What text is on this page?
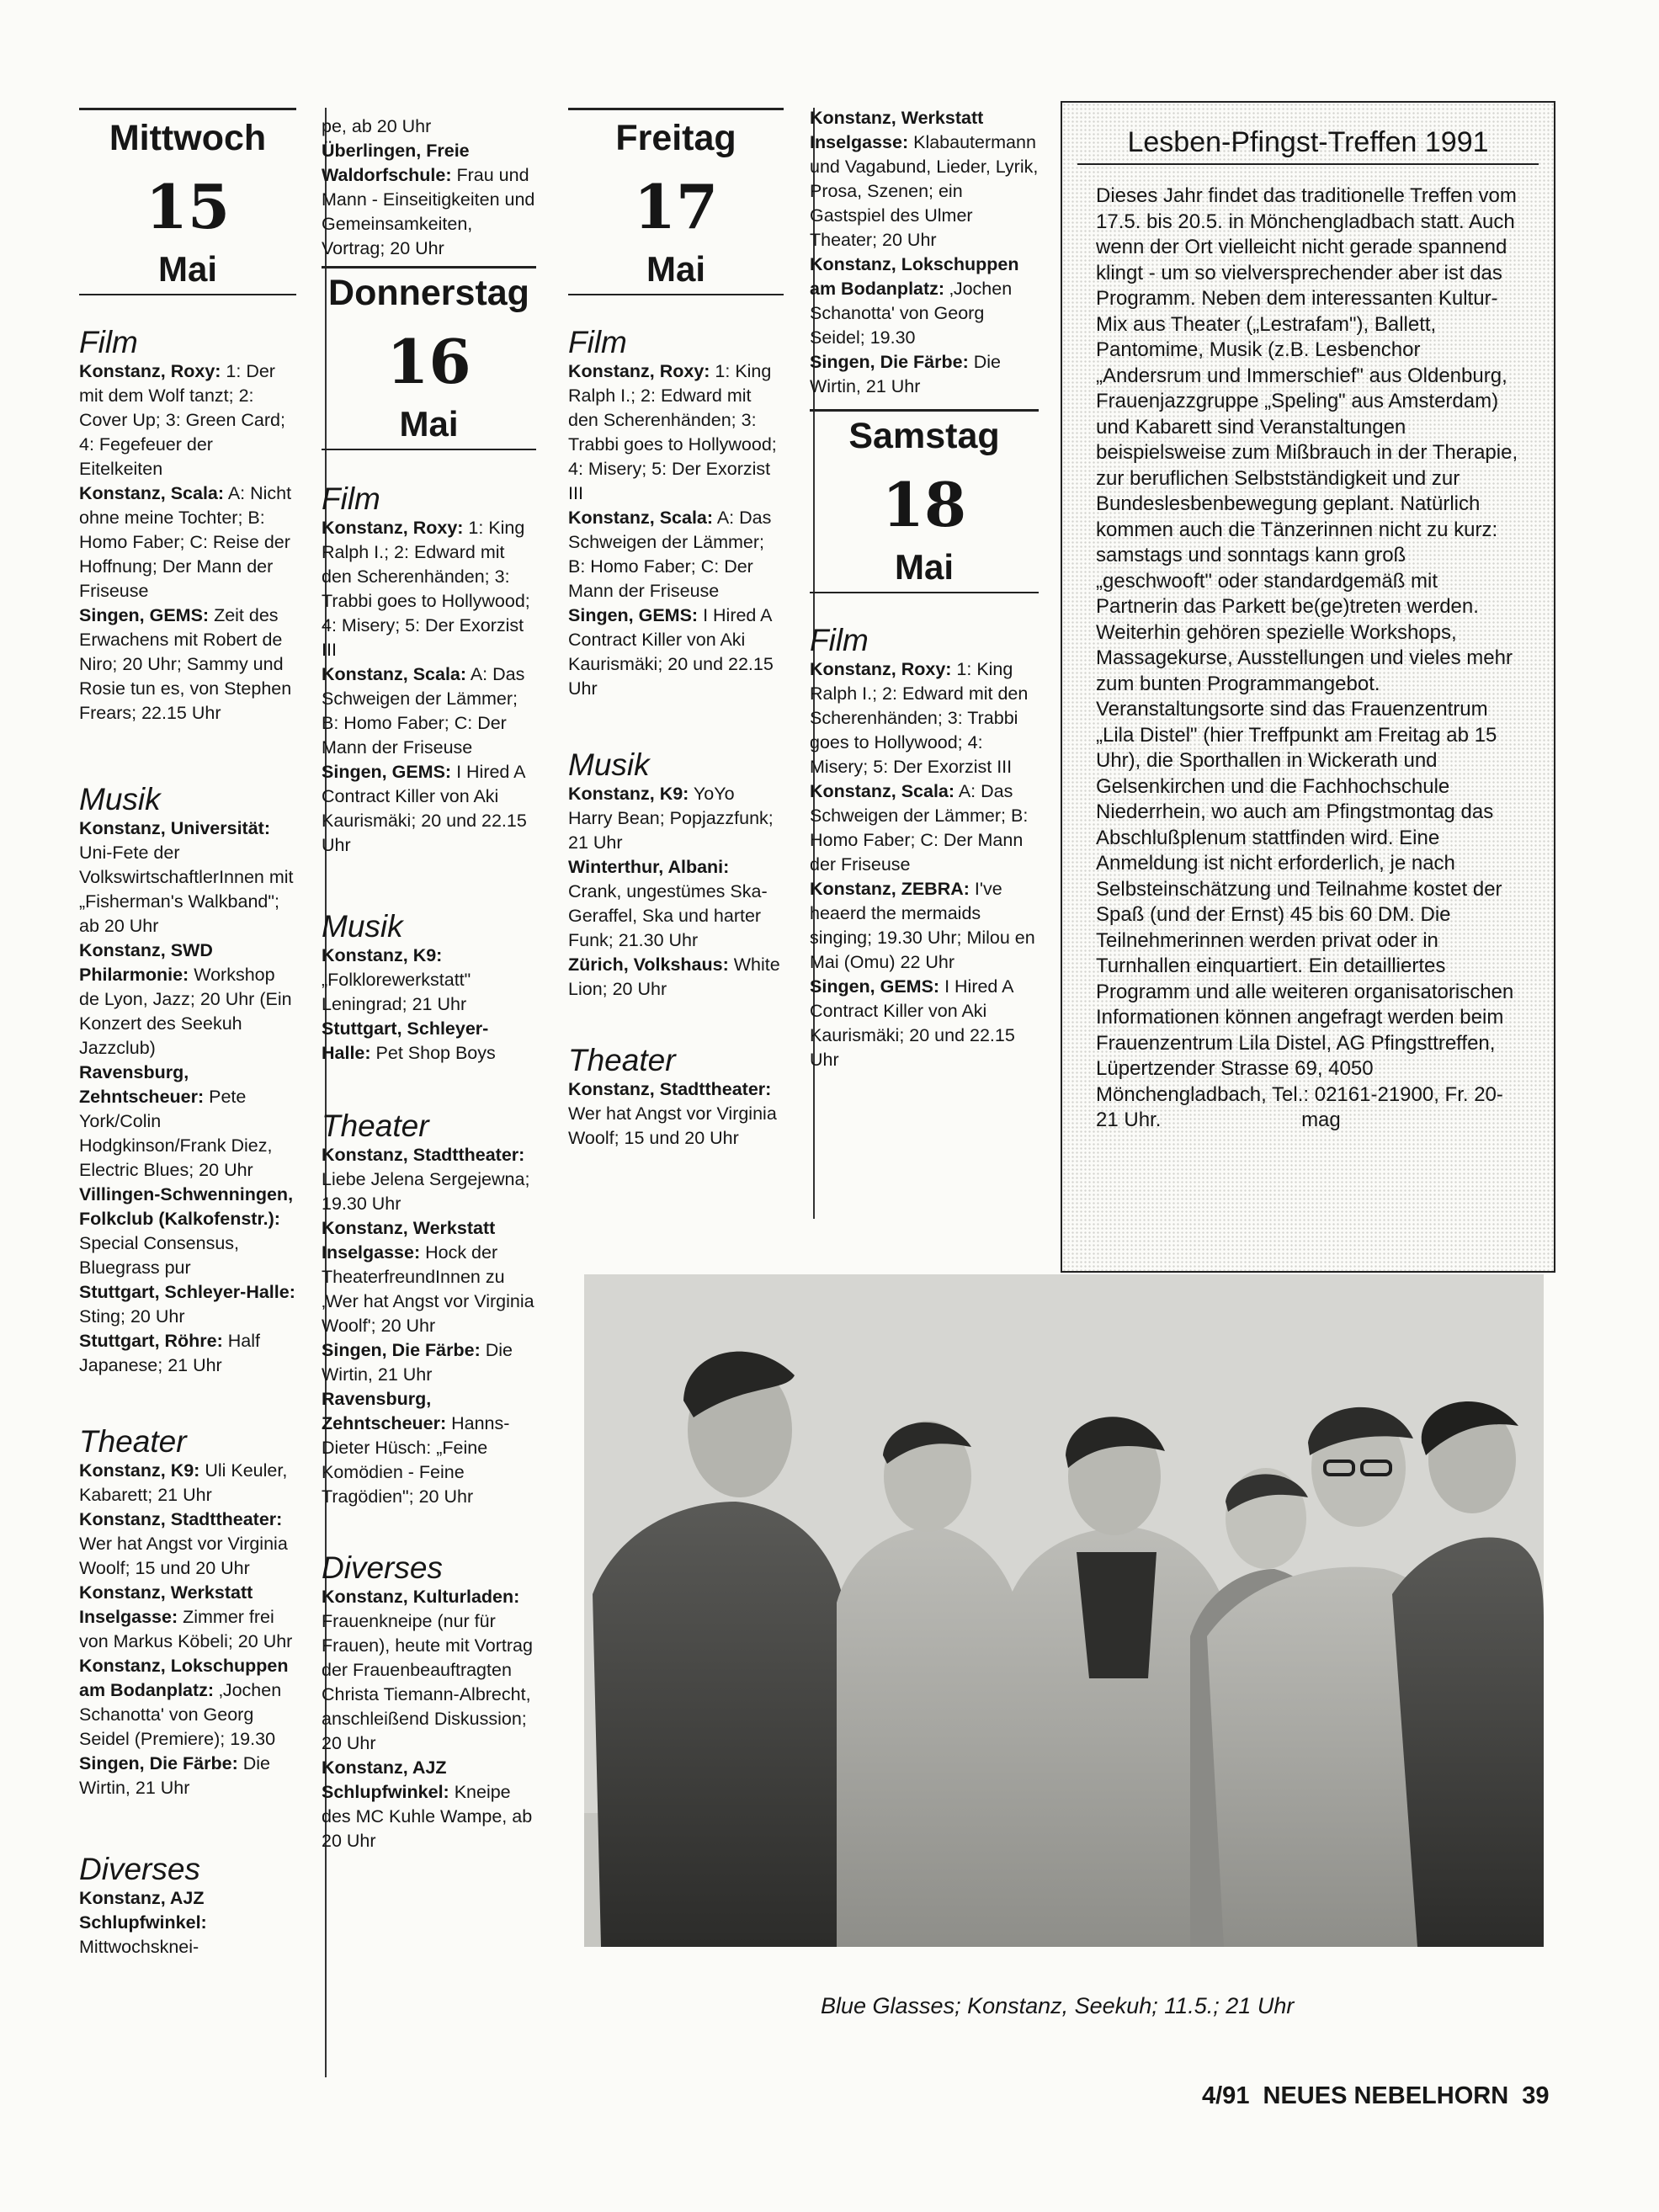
Mittwoch
15
Mai
Film

Konstanz, Roxy: 1: Der mit dem Wolf tanzt; 2: Cover Up; 3: Green Card; 4: Fegefeuer der Eitelkeiten

Konstanz, Scala: A: Nicht ohne meine Tochter; B: Homo Faber; C: Reise der Hoffnung; Der Mann der Friseuse

Singen, GEMS: Zeit des Erwachens mit Robert de Niro; 20 Uhr; Sammy und Rosie tun es, von Stephen Frears; 22.15 Uhr

Musik

Konstanz, Universität: Uni-Fete der VolkswirtschaftlerInnen mit „Fisherman's Walkband"; ab 20 Uhr

Konstanz, SWD Philarmonie: Workshop de Lyon, Jazz; 20 Uhr (Ein Konzert des Seekuh Jazzclub)

Ravensburg, Zehntscheuer: Pete York/Colin Hodgkinson/Frank Diez, Electric Blues; 20 Uhr

Villingen-Schwenningen, Folkclub (Kalkofenstr.): Special Consensus, Bluegrass pur

Stuttgart, Schleyer-Halle: Sting; 20 Uhr

Stuttgart, Röhre: Half Japanese; 21 Uhr

Theater

Konstanz, K9: Uli Keuler, Kabarett; 21 Uhr

Konstanz, Stadttheater: Wer hat Angst vor Virginia Woolf; 15 und 20 Uhr

Konstanz, Werkstatt Inselgasse: Zimmer frei von Markus Köbeli; 20 Uhr

Konstanz, Lokschuppen am Bodanplatz: ‚Jochen Schanotta' von Georg Seidel (Premiere); 19.30

Singen, Die Färbe: Die Wirtin, 21 Uhr

Diverses

Konstanz, AJZ Schlupfwinkel: Mittwochsknei-

pe, ab 20 Uhr

Überlingen, Freie Waldorfschule: Frau und Mann - Einseitigkeiten und Gemeinsamkeiten, Vortrag; 20 Uhr

Donnerstag
16
Mai
Film

Konstanz, Roxy: 1: King Ralph I.; 2: Edward mit den Scherenhänden; 3: Trabbi goes to Hollywood; 4: Misery; 5: Der Exorzist III

Konstanz, Scala: A: Das Schweigen der Lämmer; B: Homo Faber; C: Der Mann der Friseuse

Singen, GEMS: I Hired A Contract Killer von Aki Kaurismäki; 20 und 22.15 Uhr

Musik

Konstanz, K9: „Folklorewerkstatt" Leningrad; 21 Uhr

Stuttgart, Schleyer-Halle: Pet Shop Boys

Theater

Konstanz, Stadttheater: Liebe Jelena Sergejewna; 19.30 Uhr

Konstanz, Werkstatt Inselgasse: Hock der TheaterfreundInnen zu ‚Wer hat Angst vor Virginia Woolf'; 20 Uhr

Singen, Die Färbe: Die Wirtin, 21 Uhr

Ravensburg, Zehntscheuer: Hanns-Dieter Hüsch: „Feine Komödien - Feine Tragödien"; 20 Uhr

Diverses

Konstanz, Kulturladen: Frauenkneipe (nur für Frauen), heute mit Vortrag der Frauenbeauftragten Christa Tiemann-Albrecht, anschleißend Diskussion; 20 Uhr

Konstanz, AJZ Schlupfwinkel: Kneipe des MC Kuhle Wampe, ab 20 Uhr

Freitag
17
Mai
Film

Konstanz, Roxy: 1: King Ralph I.; 2: Edward mit den Scherenhänden; 3: Trabbi goes to Hollywood; 4: Misery; 5: Der Exorzist III

Konstanz, Scala: A: Das Schweigen der Lämmer; B: Homo Faber; C: Der Mann der Friseuse

Singen, GEMS: I Hired A Contract Killer von Aki Kaurismäki; 20 und 22.15 Uhr

Musik

Konstanz, K9: YoYo Harry Bean; Popjazzfunk; 21 Uhr

Winterthur, Albani: Crank, ungestümes Ska-Geraffel, Ska und harter Funk; 21.30 Uhr

Zürich, Volkshaus: White Lion; 20 Uhr

Theater

Konstanz, Stadttheater: Wer hat Angst vor Virginia Woolf; 15 und 20 Uhr

Konstanz, Werkstatt Inselgasse: Klabautermann und Vagabund, Lieder, Lyrik, Prosa, Szenen; ein Gastspiel des Ulmer Theater; 20 Uhr

Konstanz, Lokschuppen am Bodanplatz: ‚Jochen Schanotta' von Georg Seidel; 19.30

Singen, Die Färbe: Die Wirtin, 21 Uhr

Samstag
18
Mai
Film

Konstanz, Roxy: 1: King Ralph I.; 2: Edward mit den Scherenhänden; 3: Trabbi goes to Hollywood; 4: Misery; 5: Der Exorzist III

Konstanz, Scala: A: Das Schweigen der Lämmer; B: Homo Faber; C: Der Mann der Friseuse

Konstanz, ZEBRA: I've heaerd the mermaids singing; 19.30 Uhr; Milou en Mai (Omu) 22 Uhr

Singen, GEMS: I Hired A Contract Killer von Aki Kaurismäki; 20 und 22.15 Uhr

Lesben-Pfingst-Treffen 1991
Dieses Jahr findet das traditionelle Treffen vom 17.5. bis 20.5. in Mönchengladbach statt. Auch wenn der Ort vielleicht nicht gerade spannend klingt - um so vielversprechender aber ist das Programm. Neben dem interessanten Kultur-Mix aus Theater („Lestrafam"), Ballett, Pantomime, Musik (z.B. Lesbenchor „Andersrum und Immerschief" aus Oldenburg, Frauenjazzgruppe „Speling" aus Amsterdam) und Kabarett sind Veranstaltungen beispielsweise zum Mißbrauch in der Therapie, zur beruflichen Selbstständigkeit und zur Bundeslesbenbewegung geplant. Natürlich kommen auch die Tänzerinnen nicht zu kurz: samstags und sonntags kann groß „geschwooft" oder standardgemäß mit Partnerin das Parkett be(ge)treten werden. Weiterhin gehören spezielle Workshops, Massagekurse, Ausstellungen und vieles mehr zum bunten Programmangebot. Veranstaltungsorte sind das Frauenzentrum „Lila Distel" (hier Treffpunkt am Freitag ab 15 Uhr), die Sporthallen in Wickerath und Gelsenkirchen und die Fachhochschule Niederrhein, wo auch am Pfingstmontag das Abschlußplenum stattfinden wird. Eine Anmeldung ist nicht erforderlich, je nach Selbsteinschätzung und Teilnahme kostet der Spaß (und der Ernst) 45 bis 60 DM. Die Teilnehmerinnen werden privat oder in Turnhallen einquartiert. Ein detailliertes Programm und alle weiteren organisatorischen Informationen können angefragt werden beim Frauenzentrum Lila Distel, AG Pfingsttreffen, Lüpertzender Strasse 69, 4050 Mönchengladbach, Tel.: 02161-21900, Fr. 20-21 Uhr.	mag
Blue Glasses; Konstanz, Seekuh; 11.5.; 21 Uhr
4/91 NEUES NEBELHORN 39
